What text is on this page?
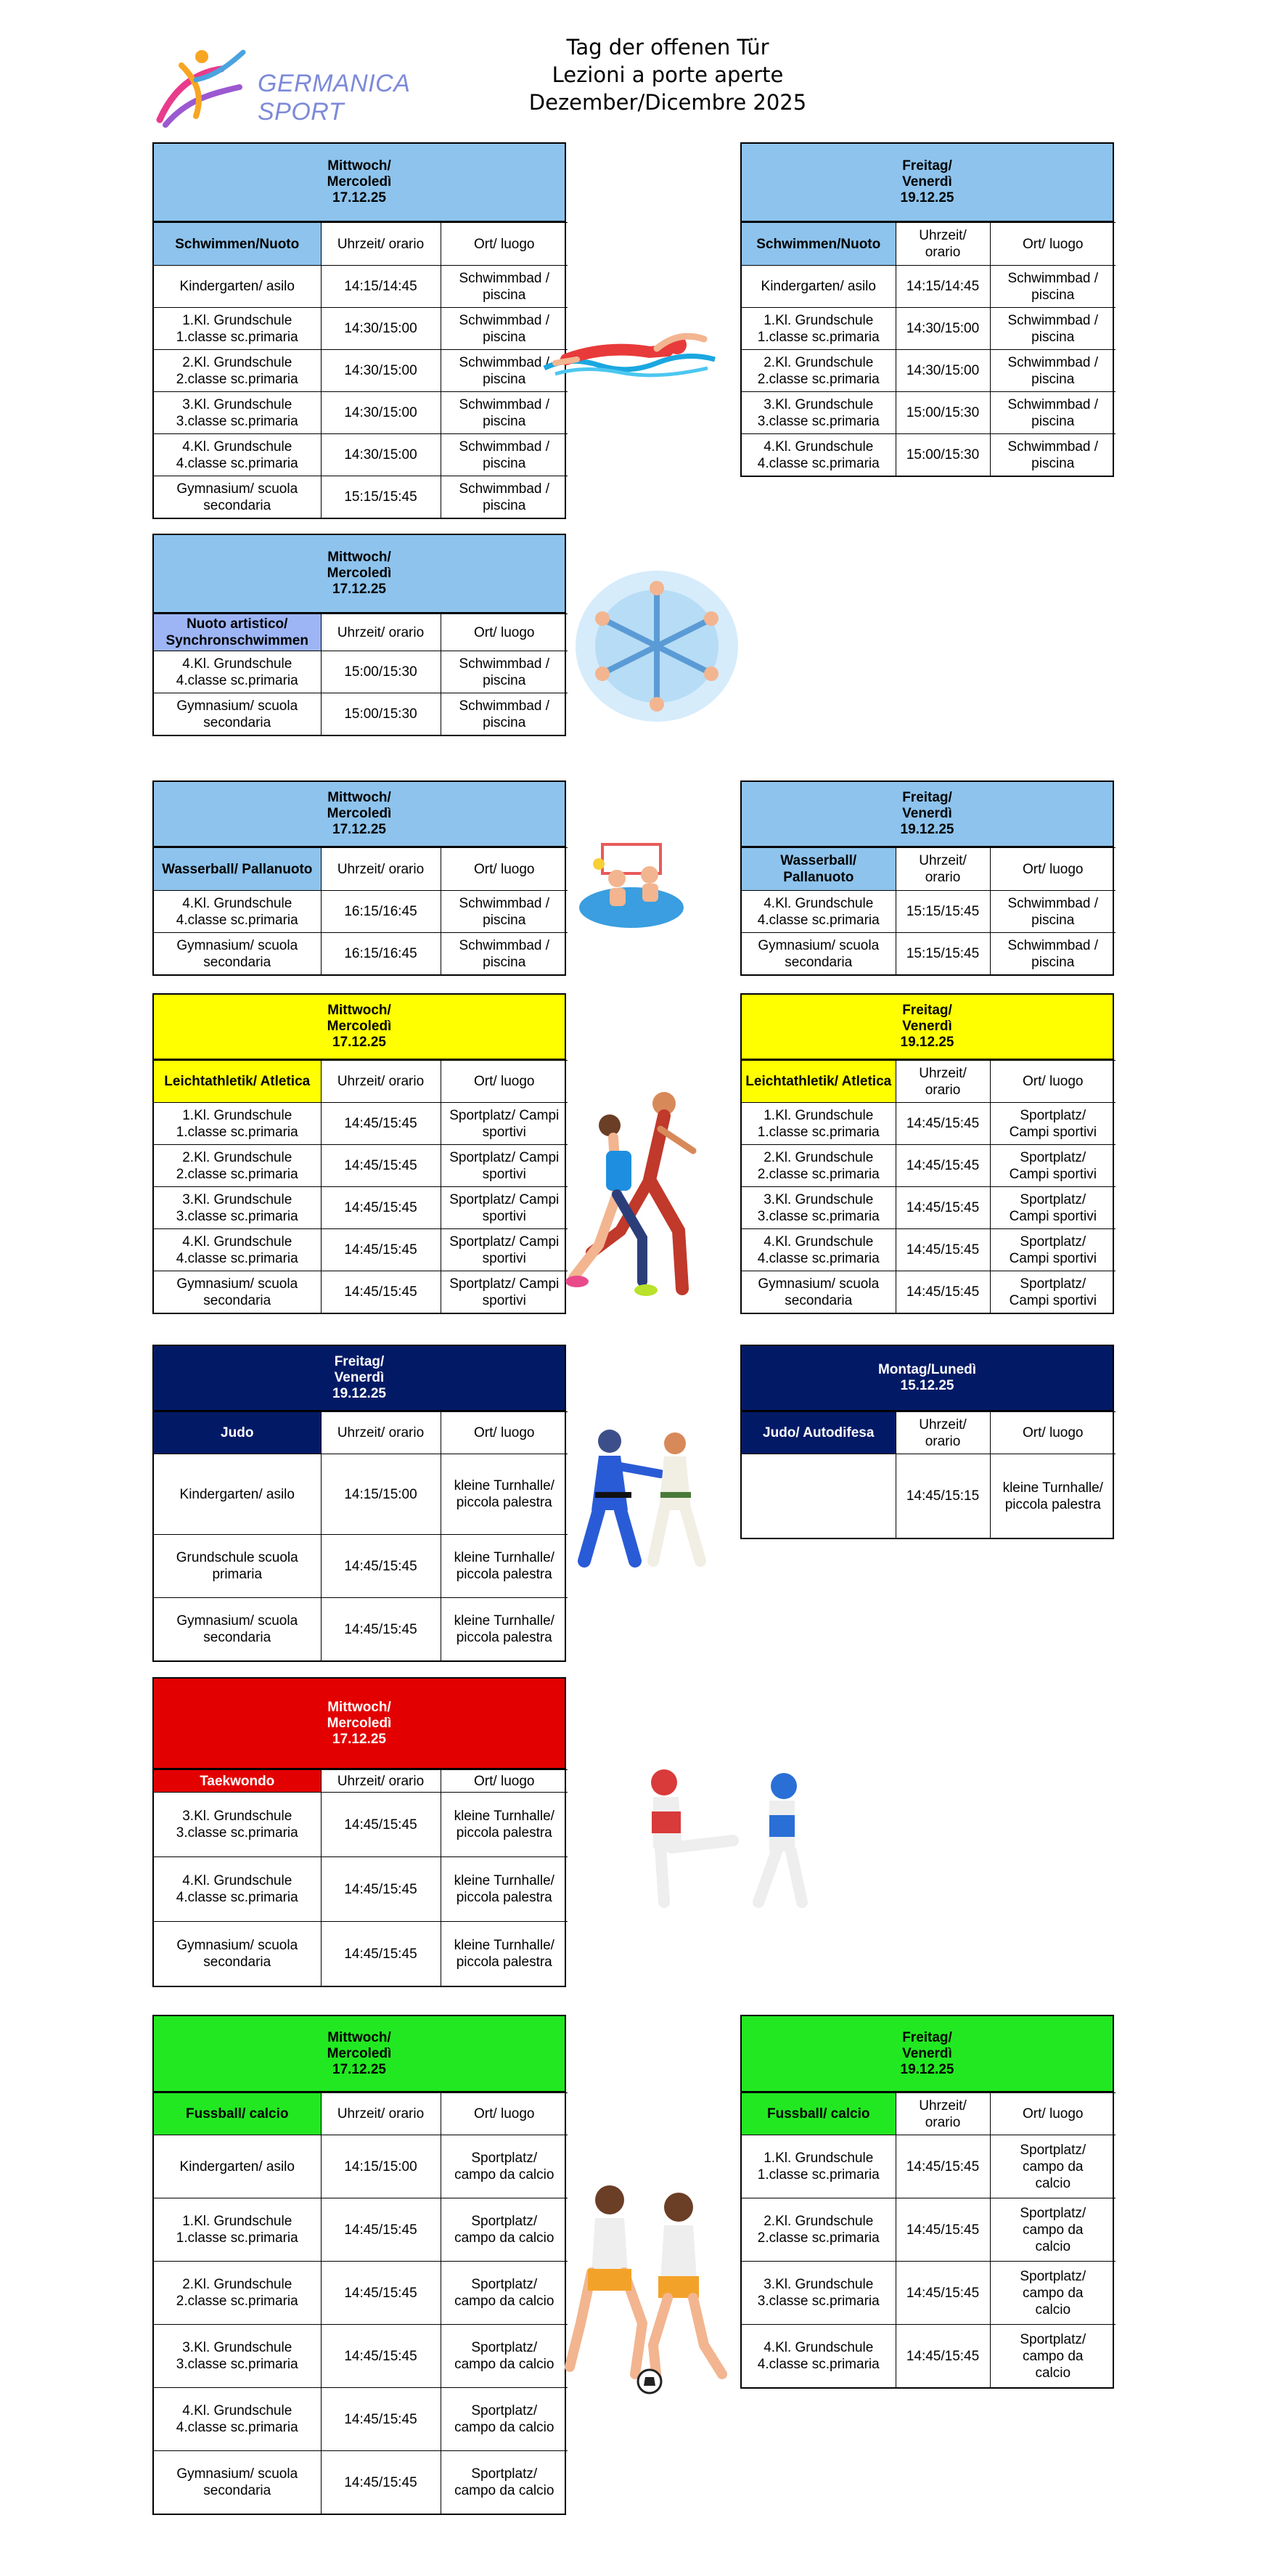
GERMANICA SPORT
Tag der offenen Tür
Lezioni a porte aperte
Dezember/Dicembre 2025
Mittwoch/
Mercoledì
17.12.25
Schwimmen/Nuoto	Uhrzeit/ orario	Ort/ luogo
Kindergarten/ asilo	14:15/14:45	Schwimmbad /
piscina
1.Kl. Grundschule
1.classe sc.primaria	14:30/15:00	Schwimmbad /
piscina
2.Kl. Grundschule
2.classe sc.primaria	14:30/15:00	Schwimmbad /
piscina
3.Kl. Grundschule
3.classe sc.primaria	14:30/15:00	Schwimmbad /
piscina
4.Kl. Grundschule
4.classe sc.primaria	14:30/15:00	Schwimmbad /
piscina
Gymnasium/ scuola
secondaria	15:15/15:45	Schwimmbad /
piscina
Freitag/
Venerdì
19.12.25
Schwimmen/Nuoto	Uhrzeit/
orario	Ort/ luogo
Kindergarten/ asilo	14:15/14:45	Schwimmbad /
piscina
1.Kl. Grundschule
1.classe sc.primaria	14:30/15:00	Schwimmbad /
piscina
2.Kl. Grundschule
2.classe sc.primaria	14:30/15:00	Schwimmbad /
piscina
3.Kl. Grundschule
3.classe sc.primaria	15:00/15:30	Schwimmbad /
piscina
4.Kl. Grundschule
4.classe sc.primaria	15:00/15:30	Schwimmbad /
piscina
Mittwoch/
Mercoledì
17.12.25
Nuoto artistico/
Synchronschwimmen	Uhrzeit/ orario	Ort/ luogo
4.Kl. Grundschule
4.classe sc.primaria	15:00/15:30	Schwimmbad /
piscina
Gymnasium/ scuola
secondaria	15:00/15:30	Schwimmbad /
piscina
Mittwoch/
Mercoledì
17.12.25
Wasserball/ Pallanuoto	Uhrzeit/ orario	Ort/ luogo
4.Kl. Grundschule
4.classe sc.primaria	16:15/16:45	Schwimmbad /
piscina
Gymnasium/ scuola
secondaria	16:15/16:45	Schwimmbad /
piscina
Freitag/
Venerdì
19.12.25
Wasserball/
Pallanuoto	Uhrzeit/
orario	Ort/ luogo
4.Kl. Grundschule
4.classe sc.primaria	15:15/15:45	Schwimmbad /
piscina
Gymnasium/ scuola
secondaria	15:15/15:45	Schwimmbad /
piscina
Mittwoch/
Mercoledì
17.12.25
Leichtathletik/ Atletica	Uhrzeit/ orario	Ort/ luogo
1.Kl. Grundschule
1.classe sc.primaria	14:45/15:45	Sportplatz/ Campi
sportivi
2.Kl. Grundschule
2.classe sc.primaria	14:45/15:45	Sportplatz/ Campi
sportivi
3.Kl. Grundschule
3.classe sc.primaria	14:45/15:45	Sportplatz/ Campi
sportivi
4.Kl. Grundschule
4.classe sc.primaria	14:45/15:45	Sportplatz/ Campi
sportivi
Gymnasium/ scuola
secondaria	14:45/15:45	Sportplatz/ Campi
sportivi
Freitag/
Venerdì
19.12.25
Leichtathletik/ Atletica	Uhrzeit/
orario	Ort/ luogo
1.Kl. Grundschule
1.classe sc.primaria	14:45/15:45	Sportplatz/
Campi sportivi
2.Kl. Grundschule
2.classe sc.primaria	14:45/15:45	Sportplatz/
Campi sportivi
3.Kl. Grundschule
3.classe sc.primaria	14:45/15:45	Sportplatz/
Campi sportivi
4.Kl. Grundschule
4.classe sc.primaria	14:45/15:45	Sportplatz/
Campi sportivi
Gymnasium/ scuola
secondaria	14:45/15:45	Sportplatz/
Campi sportivi
Freitag/
Venerdì
19.12.25
Judo	Uhrzeit/ orario	Ort/ luogo
Kindergarten/ asilo	14:15/15:00	kleine Turnhalle/
piccola palestra
Grundschule scuola
primaria	14:45/15:45	kleine Turnhalle/
piccola palestra
Gymnasium/ scuola
secondaria	14:45/15:45	kleine Turnhalle/
piccola palestra
Montag/Lunedì
15.12.25
Judo/ Autodifesa	Uhrzeit/
orario	Ort/ luogo
	14:45/15:15	kleine Turnhalle/
piccola palestra
Mittwoch/
Mercoledì
17.12.25
Taekwondo	Uhrzeit/ orario	Ort/ luogo
3.Kl. Grundschule
3.classe sc.primaria	14:45/15:45	kleine Turnhalle/
piccola palestra
4.Kl. Grundschule
4.classe sc.primaria	14:45/15:45	kleine Turnhalle/
piccola palestra
Gymnasium/ scuola
secondaria	14:45/15:45	kleine Turnhalle/
piccola palestra
Mittwoch/
Mercoledì
17.12.25
Fussball/ calcio	Uhrzeit/ orario	Ort/ luogo
Kindergarten/ asilo	14:15/15:00	Sportplatz/
campo da calcio
1.Kl. Grundschule
1.classe sc.primaria	14:45/15:45	Sportplatz/
campo da calcio
2.Kl. Grundschule
2.classe sc.primaria	14:45/15:45	Sportplatz/
campo da calcio
3.Kl. Grundschule
3.classe sc.primaria	14:45/15:45	Sportplatz/
campo da calcio
4.Kl. Grundschule
4.classe sc.primaria	14:45/15:45	Sportplatz/
campo da calcio
Gymnasium/ scuola
secondaria	14:45/15:45	Sportplatz/
campo da calcio
Freitag/
Venerdì
19.12.25
Fussball/ calcio	Uhrzeit/
orario	Ort/ luogo
1.Kl. Grundschule
1.classe sc.primaria	14:45/15:45	Sportplatz/
campo da
calcio
2.Kl. Grundschule
2.classe sc.primaria	14:45/15:45	Sportplatz/
campo da
calcio
3.Kl. Grundschule
3.classe sc.primaria	14:45/15:45	Sportplatz/
campo da
calcio
4.Kl. Grundschule
4.classe sc.primaria	14:45/15:45	Sportplatz/
campo da
calcio
